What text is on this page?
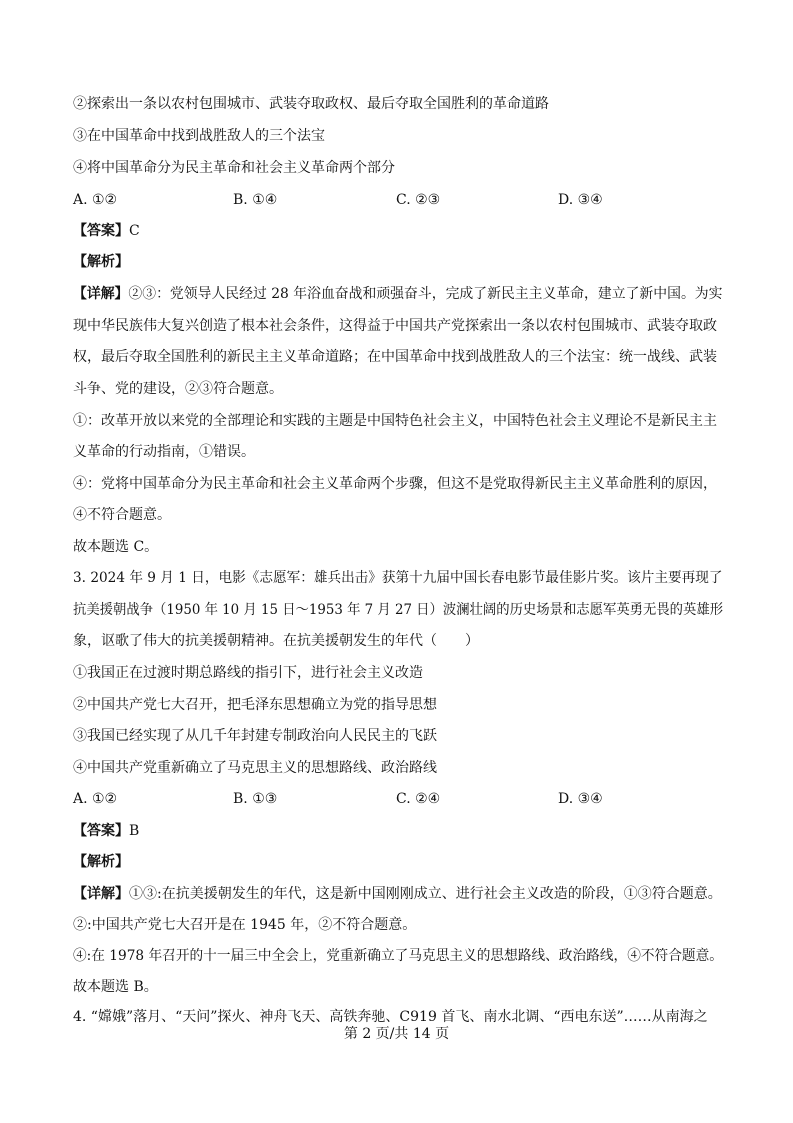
②探索出一条以农村包围城市、武装夺取政权、最后夺取全国胜利的革命道路
③在中国革命中找到战胜敌人的三个法宝
④将中国革命分为民主革命和社会主义革命两个部分
A. ①②	B. ①④	C. ②③	D. ③④
【答案】C
【解析】
【详解】②③：党领导人民经过 28 年浴血奋战和顽强奋斗，完成了新民主主义革命，建立了新中国。为实
现中华民族伟大复兴创造了根本社会条件，这得益于中国共产党探索出一条以农村包围城市、武装夺取政
权，最后夺取全国胜利的新民主主义革命道路；在中国革命中找到战胜敌人的三个法宝：统一战线、武装
斗争、党的建设，②③符合题意。
①：改革开放以来党的全部理论和实践的主题是中国特色社会主义，中国特色社会主义理论不是新民主主
义革命的行动指南，①错误。
④：党将中国革命分为民主革命和社会主义革命两个步骤，但这不是党取得新民主主义革命胜利的原因，
④不符合题意。
故本题选 C。
3. 2024 年 9 月 1 日，电影《志愿军：雄兵出击》获第十九届中国长春电影节最佳影片奖。该片主要再现了
抗美援朝战争（1950 年 10 月 15 日～1953 年 7 月 27 日）波澜壮阔的历史场景和志愿军英勇无畏的英雄形
象，讴歌了伟大的抗美援朝精神。在抗美援朝发生的年代（　　）
①我国正在过渡时期总路线的指引下，进行社会主义改造
②中国共产党七大召开，把毛泽东思想确立为党的指导思想
③我国已经实现了从几千年封建专制政治向人民民主的飞跃
④中国共产党重新确立了马克思主义的思想路线、政治路线
A. ①②	B. ①③	C. ②④	D. ③④
【答案】B
【解析】
【详解】①③:在抗美援朝发生的年代，这是新中国刚刚成立、进行社会主义改造的阶段，①③符合题意。
②:中国共产党七大召开是在 1945 年，②不符合题意。
④:在 1978 年召开的十一届三中全会上，党重新确立了马克思主义的思想路线、政治路线，④不符合题意。
故本题选 B。
4. “嫦娥”落月、“天问”探火、神舟飞天、高铁奔驰、C919 首飞、南水北调、“西电东送”……从南海之
第 2 页/共 14 页
